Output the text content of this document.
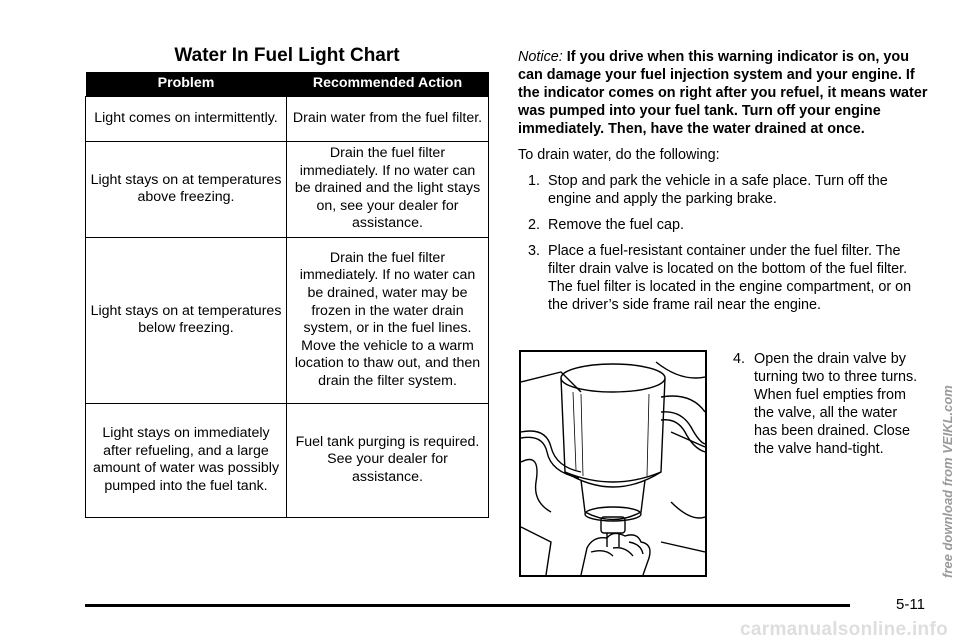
Water In Fuel Light Chart
Problem	Recommended Action
Light comes on intermittently.	Drain water from the fuel filter.
Light stays on at temperatures above freezing.	Drain the fuel filter immediately. If no water can be drained and the light stays on, see your dealer for assistance.
Light stays on at temperatures below freezing.	Drain the fuel filter immediately. If no water can be drained, water may be frozen in the water drain system, or in the fuel lines. Move the vehicle to a warm location to thaw out, and then drain the filter system.
Light stays on immediately after refueling, and a large amount of water was possibly pumped into the fuel tank.	Fuel tank purging is required. See your dealer for assistance.
Notice: If you drive when this warning indicator is on, you can damage your fuel injection system and your engine. If the indicator comes on right after you refuel, it means water was pumped into your fuel tank. Turn off your engine immediately. Then, have the water drained at once.

To drain water, do the following:

1. Stop and park the vehicle in a safe place. Turn off the engine and apply the parking brake.
2. Remove the fuel cap.
3. Place a fuel-resistant container under the fuel filter. The filter drain valve is located on the bottom of the fuel filter. The fuel filter is located in the engine compartment, or on the driver’s side frame rail near the engine.
4. Open the drain valve by turning two to three turns. When fuel empties from the valve, all the water has been drained. Close the valve hand-tight.
5-11
free download from VEIKL.com
carmanualsonline.info
